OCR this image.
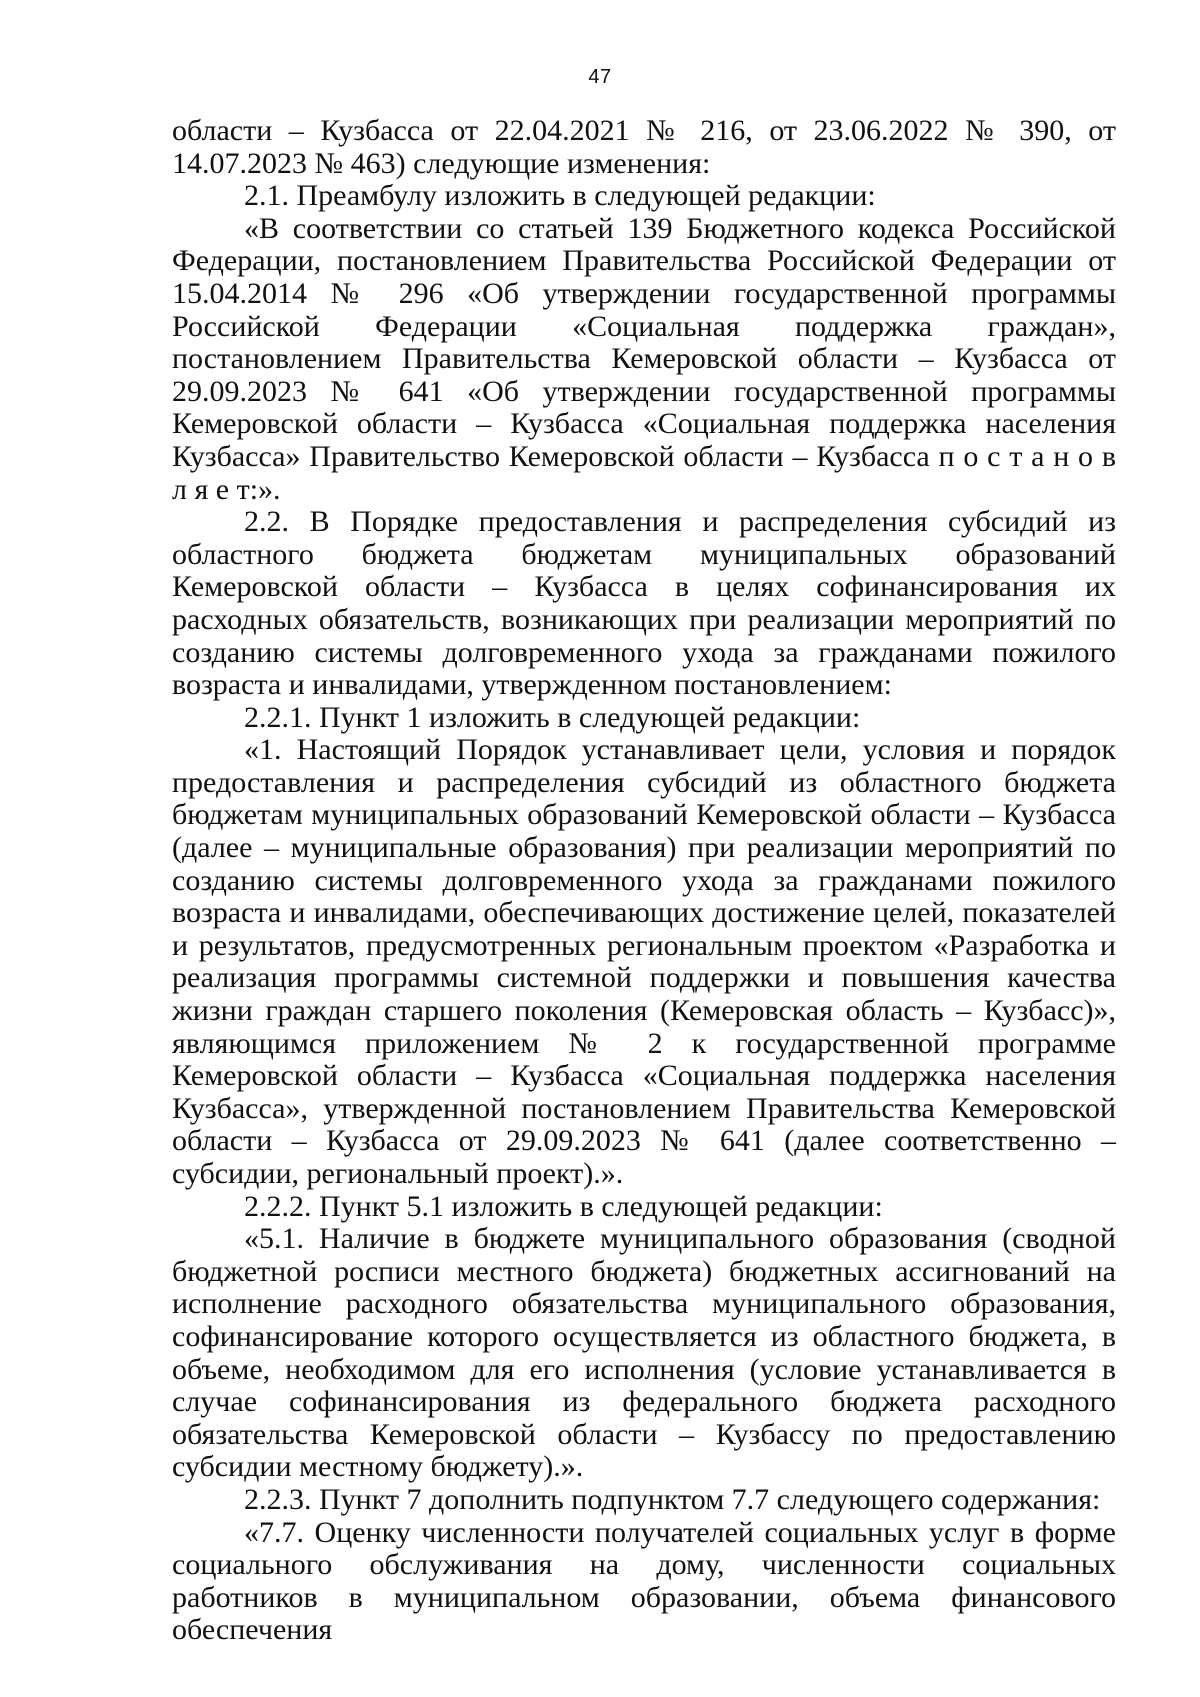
47

области – Кузбасса от 22.04.2021 № 216, от 23.06.2022 № 390, от 14.07.2023 № 463) следующие изменения:

2.1. Преамбулу изложить в следующей редакции:

«В соответствии со статьей 139 Бюджетного кодекса Российской Федерации, постановлением Правительства Российской Федерации от 15.04.2014 № 296 «Об утверждении государственной программы Российской Федерации «Социальная поддержка граждан», постановлением Правительства Кемеровской области – Кузбасса от 29.09.2023 № 641 «Об утверждении государственной программы Кемеровской области – Кузбасса «Социальная поддержка населения Кузбасса» Правительство Кемеровской области – Кузбасса п о с т а н о в л я е т:».

2.2. В Порядке предоставления и распределения субсидий из областного бюджета бюджетам муниципальных образований Кемеровской области – Кузбасса в целях софинансирования их расходных обязательств, возникающих при реализации мероприятий по созданию системы долговременного ухода за гражданами пожилого возраста и инвалидами, утвержденном постановлением:

2.2.1. Пункт 1 изложить в следующей редакции:

«1. Настоящий Порядок устанавливает цели, условия и порядок предоставления и распределения субсидий из областного бюджета бюджетам муниципальных образований Кемеровской области – Кузбасса (далее – муниципальные образования) при реализации мероприятий по созданию системы долговременного ухода за гражданами пожилого возраста и инвалидами, обеспечивающих достижение целей, показателей и результатов, предусмотренных региональным проектом «Разработка и реализация программы системной поддержки и повышения качества жизни граждан старшего поколения (Кемеровская область – Кузбасс)», являющимся приложением № 2 к государственной программе Кемеровской области – Кузбасса «Социальная поддержка населения Кузбасса», утвержденной постановлением Правительства Кемеровской области – Кузбасса от 29.09.2023 № 641 (далее соответственно – субсидии, региональный проект).».

2.2.2. Пункт 5.1 изложить в следующей редакции:

«5.1. Наличие в бюджете муниципального образования (сводной бюджетной росписи местного бюджета) бюджетных ассигнований на исполнение расходного обязательства муниципального образования, софинансирование которого осуществляется из областного бюджета, в объеме, необходимом для его исполнения (условие устанавливается в случае софинансирования из федерального бюджета расходного обязательства Кемеровской области – Кузбассу по предоставлению субсидии местному бюджету).».

2.2.3. Пункт 7 дополнить подпунктом 7.7 следующего содержания:

«7.7. Оценку численности получателей социальных услуг в форме социального обслуживания на дому, численности социальных работников в муниципальном образовании, объема финансового обеспечения
